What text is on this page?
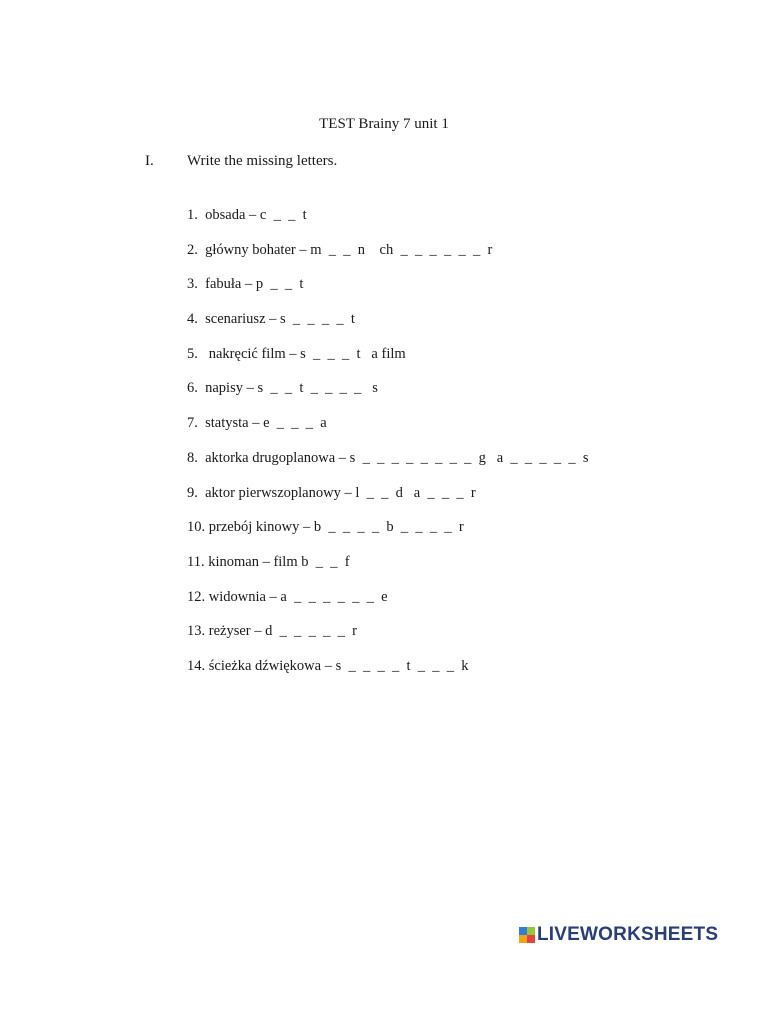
TEST Brainy 7 unit 1
I. Write the missing letters.
1.  obsada – c  _  _  t
2.  główny bohater – m  _  _  n    ch  _  _  _  _  _  _  r
3.  fabuła – p  _  _  t
4.  scenariusz – s  _  _  _  _  t
5.   nakręcić film – s  _  _  _  t   a film
6.  napisy – s  _  _  t  _  _  _  _   s
7.  statysta – e  _  _  _  a
8.  aktorka drugoplanowa – s  _  _  _  _  _  _  _  _  g   a  _  _  _  _  _  s
9.  aktor pierwszoplanowy – l  _  _  d   a  _  _  _  r
10. przebój kinowy – b  _  _  _  _  b  _  _  _  _  r
11. kinoman – film b  _  _  f
12. widownia – a  _  _  _  _  _  _  e
13. reżyser – d  _  _  _  _  _  r
14. ścieżka dźwiękowa – s  _  _  _  _  t  _  _  _  k
LIVEWORKSHEETS
